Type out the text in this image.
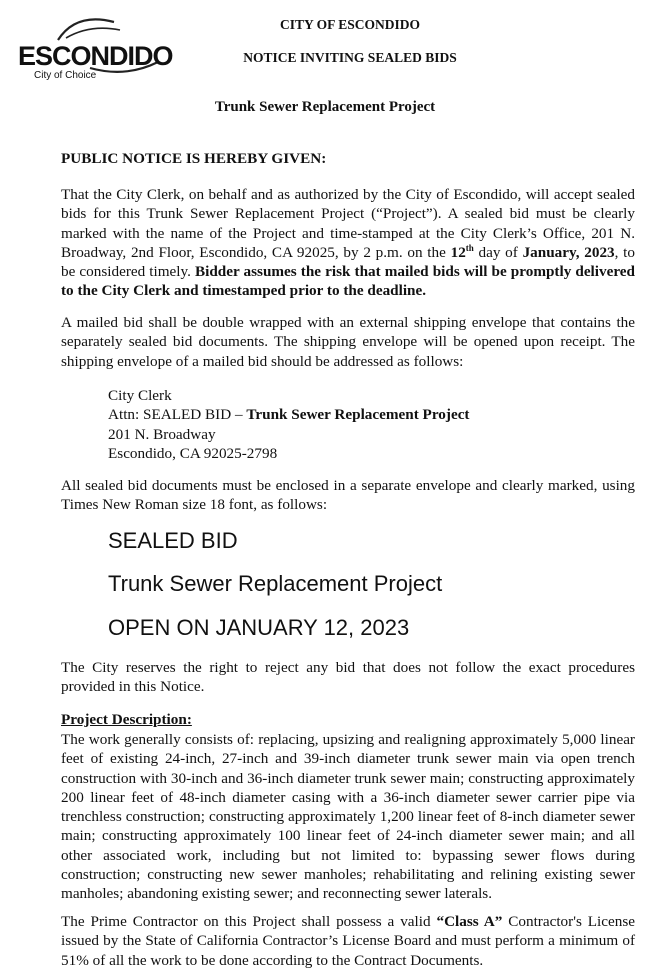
ESCONDIDO
City of Choice
CITY OF ESCONDIDO
NOTICE INVITING SEALED BIDS
Trunk Sewer Replacement Project
PUBLIC NOTICE IS HEREBY GIVEN:
That the City Clerk, on behalf and as authorized by the City of Escondido, will accept sealed bids for this Trunk Sewer Replacement Project (“Project”). A sealed bid must be clearly marked with the name of the Project and time-stamped at the City Clerk’s Office, 201 N. Broadway, 2nd Floor, Escondido, CA 92025, by 2 p.m. on the 12th day of January, 2023, to be considered timely. Bidder assumes the risk that mailed bids will be promptly delivered to the City Clerk and timestamped prior to the deadline.
A mailed bid shall be double wrapped with an external shipping envelope that contains the separately sealed bid documents. The shipping envelope will be opened upon receipt. The shipping envelope of a mailed bid should be addressed as follows:
City Clerk
Attn: SEALED BID – Trunk Sewer Replacement Project
201 N. Broadway
Escondido, CA 92025-2798
All sealed bid documents must be enclosed in a separate envelope and clearly marked, using Times New Roman size 18 font, as follows:
SEALED BID
Trunk Sewer Replacement Project
OPEN ON JANUARY 12, 2023
The City reserves the right to reject any bid that does not follow the exact procedures provided in this Notice.
Project Description:
The work generally consists of: replacing, upsizing and realigning approximately 5,000 linear feet of existing 24-inch, 27-inch and 39-inch diameter trunk sewer main via open trench construction with 30-inch and 36-inch diameter trunk sewer main; constructing approximately 200 linear feet of 48-inch diameter casing with a 36-inch diameter sewer carrier pipe via trenchless construction; constructing approximately 1,200 linear feet of 8-inch diameter sewer main; constructing approximately 100 linear feet of 24-inch diameter sewer main; and all other associated work, including but not limited to: bypassing sewer flows during construction; constructing new sewer manholes; rehabilitating and relining existing sewer manholes; abandoning existing sewer; and reconnecting sewer laterals.
The Prime Contractor on this Project shall possess a valid “Class A” Contractor's License issued by the State of California Contractor’s License Board and must perform a minimum of 51% of all the work to be done according to the Contract Documents.
